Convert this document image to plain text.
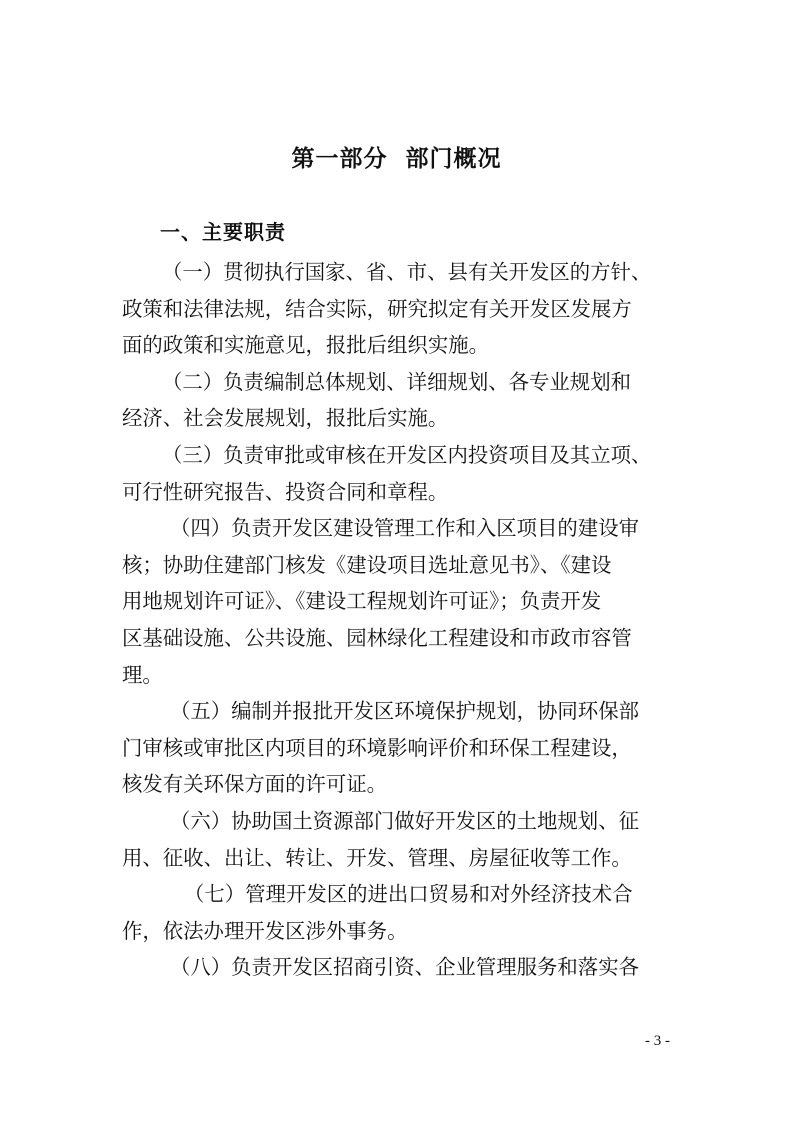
第一部分  部门概况
一、主要职责

（一）贯彻执行国家、省、市、县有关开发区的方针、
政策和法律法规，结合实际，研究拟定有关开发区发展方
面的政策和实施意见，报批后组织实施。

（二）负责编制总体规划、详细规划、各专业规划和
经济、社会发展规划，报批后实施。

（三）负责审批或审核在开发区内投资项目及其立项、
可行性研究报告、投资合同和章程。

（四）负责开发区建设管理工作和入区项目的建设审
核；协助住建部门核发《建设项目选址意见书》、《建设
用地规划许可证》、《建设工程规划许可证》；负责开发
区基础设施、公共设施、园林绿化工程建设和市政市容管
理。

（五）编制并报批开发区环境保护规划，协同环保部
门审核或审批区内项目的环境影响评价和环保工程建设，
核发有关环保方面的许可证。

（六）协助国土资源部门做好开发区的土地规划、征
用、征收、出让、转让、开发、管理、房屋征收等工作。

（七）管理开发区的进出口贸易和对外经济技术合
作，依法办理开发区涉外事务。

（八）负责开发区招商引资、企业管理服务和落实各

- 3 -
